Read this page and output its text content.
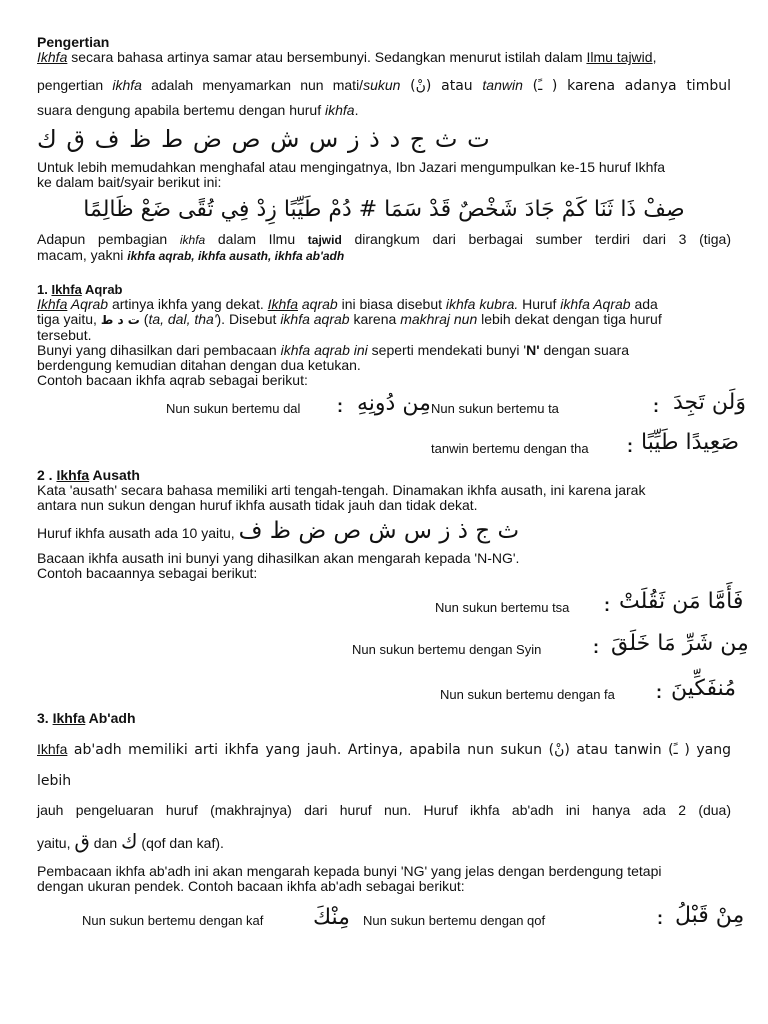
Pengertian
Ikhfa secara bahasa artinya samar atau bersembunyi. Sedangkan menurut istilah dalam Ilmu tajwid,
pengertian ikhfa adalah menyamarkan nun mati/sukun (نْ) atau tanwin (ـً ) karena adanya timbul
suara dengung apabila bertemu dengan huruf ikhfa.
ت ث ج د ذ ز س ش ص ض ط ظ ف ق ك
Untuk lebih memudahkan menghafal atau mengingatnya, Ibn Jazari mengumpulkan ke-15 huruf Ikhfa
ke dalam bait/syair berikut ini:
صِفْ ذَا ثَنَا كَمْ جَادَ شَخْصٌ قَدْ سَمَا # دُمْ طَيِّبًا زِدْ فِي تُقًى ضَعْ ظَالِمًا
Adapun pembagian ikhfa dalam Ilmu tajwid dirangkum dari berbagai sumber terdiri dari 3 (tiga)
macam, yakni ikhfa aqrab, ikhfa ausath, ikhfa ab'adh
1. Ikhfa Aqrab
Ikhfa Aqrab artinya ikhfa yang dekat. Ikhfa aqrab ini biasa disebut ikhfa kubra. Huruf ikhfa Aqrab ada
tiga yaitu, ت د ط (ta, dal, tha'). Disebut ikhfa aqrab karena makhraj nun lebih dekat dengan tiga huruf
tersebut.
Bunyi yang dihasilkan dari pembacaan ikhfa aqrab ini seperti mendekati bunyi 'N' dengan suara
berdengung kemudian ditahan dengan dua ketukan.
Contoh bacaan ikhfa aqrab sebagai berikut:
Nun sukun bertemu dal : مِن دُونِهِ Nun sukun bertemu ta	: وَلَن تَجِدَ
tanwin bertemu dengan tha : صَعِيدًا طَيِّبًا
2 . Ikhfa Ausath
Kata 'ausath' secara bahasa memiliki arti tengah-tengah. Dinamakan ikhfa ausath, ini karena jarak
antara nun sukun dengan huruf ikhfa ausath tidak jauh dan tidak dekat.
Huruf ikhfa ausath ada 10 yaitu, ث ج ذ ز س ش ص ض ظ ف
Bacaan ikhfa ausath ini bunyi yang dihasilkan akan mengarah kepada 'N-NG'.
Contoh bacaannya sebagai berikut:
Nun sukun bertemu tsa : فَأَمَّا مَن ثَقُلَتْ
Nun sukun bertemu dengan Syin	: مِن شَرِّ مَا خَلَقَ
Nun sukun bertemu dengan fa : مُنفَكِّينَ
3. Ikhfa Ab'adh
Ikhfa ab'adh memiliki arti ikhfa yang jauh. Artinya, apabila nun sukun (نْ) atau tanwin (ـً ) yang lebih
jauh pengeluaran huruf (makhrajnya) dari huruf nun. Huruf ikhfa ab'adh ini hanya ada 2 (dua)
yaitu, ق dan ك (qof dan kaf).
Pembacaan ikhfa ab'adh ini akan mengarah kepada bunyi 'NG' yang jelas dengan berdengung tetapi
dengan ukuran pendek. Contoh bacaan ikhfa ab'adh sebagai berikut:
Nun sukun bertemu dengan kaf مِنْكَ Nun sukun bertemu dengan qof	: مِنْ قَبْلُ
